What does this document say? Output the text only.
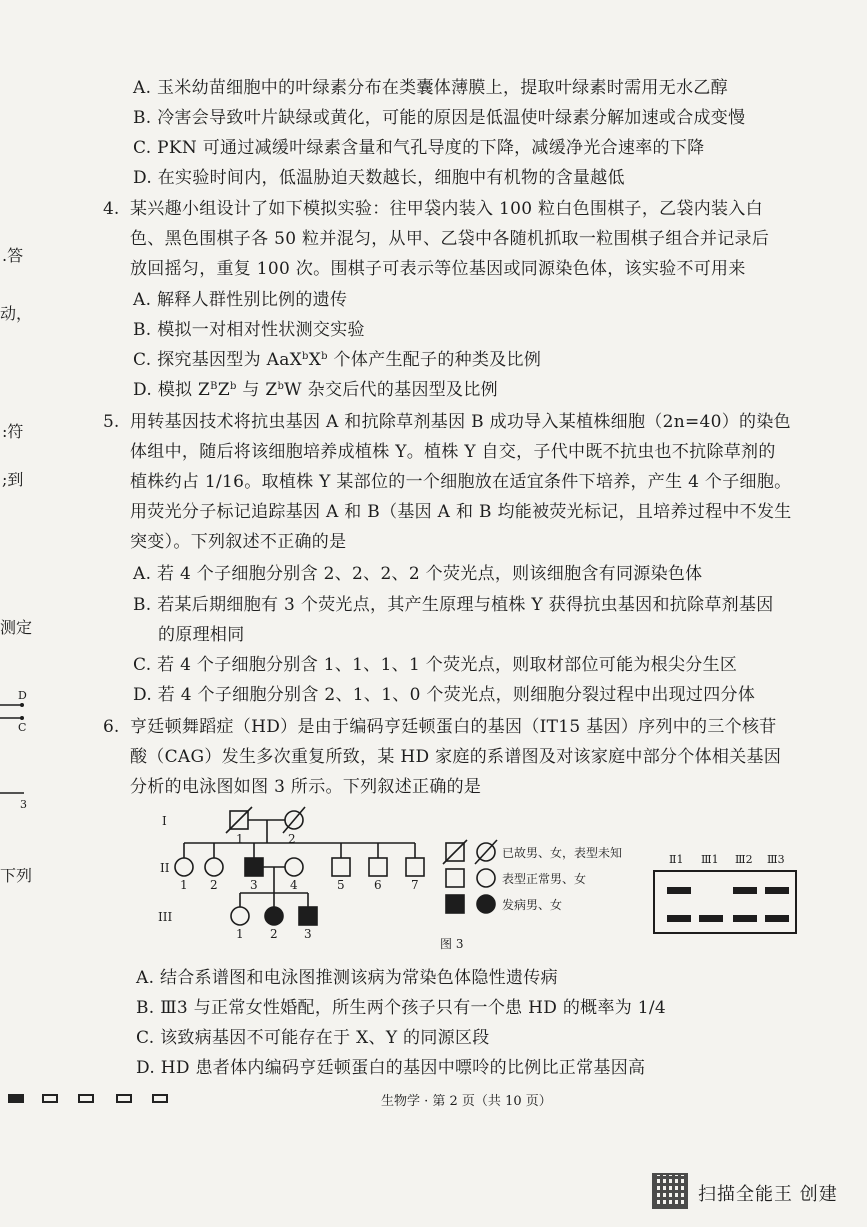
A. 玉米幼苗细胞中的叶绿素分布在类囊体薄膜上，提取叶绿素时需用无水乙醇
B. 冷害会导致叶片缺绿或黄化，可能的原因是低温使叶绿素分解加速或合成变慢
C. PKN 可通过减缓叶绿素含量和气孔导度的下降，减缓净光合速率的下降
D. 在实验时间内，低温胁迫天数越长，细胞中有机物的含量越低
4. 某兴趣小组设计了如下模拟实验：往甲袋内装入 100 粒白色围棋子，乙袋内装入白
色、黑色围棋子各 50 粒并混匀，从甲、乙袋中各随机抓取一粒围棋子组合并记录后
放回摇匀，重复 100 次。围棋子可表示等位基因或同源染色体，该实验不可用来
A. 解释人群性别比例的遗传
B. 模拟一对相对性状测交实验
C. 探究基因型为 $AaX^bX^b$ 个体产生配子的种类及比例
D. 模拟 $Z^BZ^b$ 与 $Z^bW$ 杂交后代的基因型及比例
5. 用转基因技术将抗虫基因 A 和抗除草剂基因 B 成功导入某植株细胞（2n=40）的染色
体组中，随后将该细胞培养成植株 Y。植株 Y 自交，子代中既不抗虫也不抗除草剂的
植株约占 1/16。取植株 Y 某部位的一个细胞放在适宜条件下培养，产生 4 个子细胞。
用荧光分子标记追踪基因 A 和 B（基因 A 和 B 均能被荧光标记，且培养过程中不发生
突变）。下列叙述不正确的是
A. 若 4 个子细胞分别含 2、2、2、2 个荧光点，则该细胞含有同源染色体
B. 若某后期细胞有 3 个荧光点，其产生原理与植株 Y 获得抗虫基因和抗除草剂基因
的原理相同
C. 若 4 个子细胞分别含 1、1、1、1 个荧光点，则取材部位可能为根尖分生区
D. 若 4 个子细胞分别含 2、1、1、0 个荧光点，则细胞分裂过程中出现过四分体
6. 亨廷顿舞蹈症（HD）是由于编码亨廷顿蛋白的基因（IT15 基因）序列中的三个核苷
酸（CAG）发生多次重复所致，某 HD 家庭的系谱图及对该家庭中部分个体相关基因
分析的电泳图如图 3 所示。下列叙述正确的是
I
II
III
1	2
1 2	3	4	5 6 7
1 2 3
已故男、女，表型未知
表型正常男、女
发病男、女
图 3
Ⅱ1 Ⅲ1 Ⅲ2 Ⅲ3
A. 结合系谱图和电泳图推测该病为常染色体隐性遗传病
B. Ⅲ3 与正常女性婚配，所生两个孩子只有一个患 HD 的概率为 1/4
C. 该致病基因不可能存在于 X、Y 的同源区段
D. HD 患者体内编码亨廷顿蛋白的基因中嘌呤的比例比正常基因高
.答
动，
:符
;到
测定
D
C
3
下列
生物学 · 第 2 页（共 10 页）
扫描全能王 创建
